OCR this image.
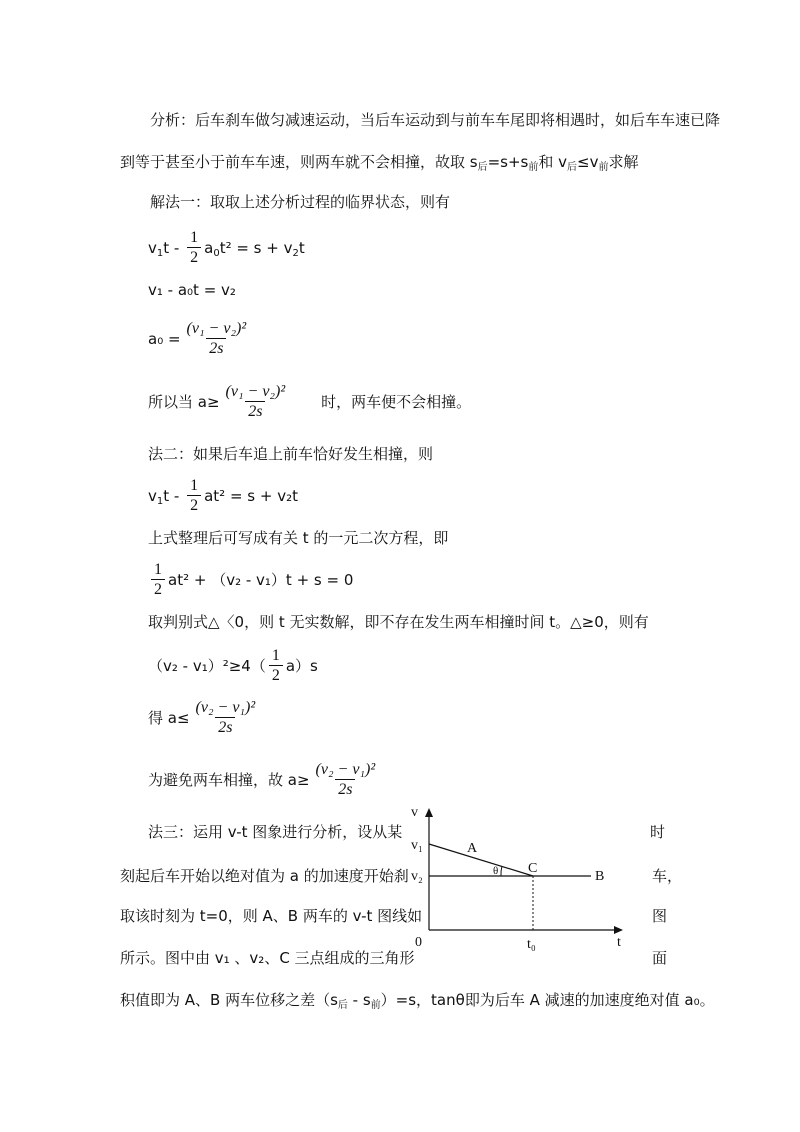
分析：后车刹车做匀减速运动，当后车运动到与前车车尾即将相遇时，如后车车速已降
到等于甚至小于前车车速，则两车就不会相撞，故取 $s_后=s+s_前$和 $v_后\le v_前$求解
解法一：取取上述分析过程的临界状态，则有
$v_1t - \frac{1}{2} a_0t^2 = s + v_2t$
v₁ - a₀t = v₂
$a_0 = \frac{\text{(v₁ − v₂)²}}{2s}$
所以当 $a\ge \frac{\text{(v₁ − v₂)²}}{2s}$ 时，两车便不会相撞。
法二：如果后车追上前车恰好发生相撞，则
$v_1t - \frac{1}{2} at^2 = s + v_2t$
上式整理后可写成有关 t 的一元二次方程，即
$\frac{1}{2} at^2 + (v_2 - v_1)t + s = 0$
取判别式△〈0，则 t 无实数解，即不存在发生两车相撞时间 t。△≥0，则有
$(v_2 - v_1)^2\ge 4( \frac{1}{2} a)s$
得 $a\le \frac{\text{(v₂ − v₁)²}}{2s}$
为避免两车相撞，故 $a\ge \frac{\text{(v₂ − v₁)²}}{2s}$
法三：运用 v-t 图象进行分析，设从某	时
刻起后车开始以绝对值为 a 的加速度开始刹	车，
取该时刻为 t=0，则 A、B 两车的 v-t 图线如	图
所示。图中由 v₁ 、v₂、C 三点组成的三角形	面
积值即为 A、B 两车位移之差$(s_后 - s_前)=s$，tanθ即为后车 A 减速的加速度绝对值 a₀。
v
v₁
v₂
0	t₀	t
A
C
B
θ
